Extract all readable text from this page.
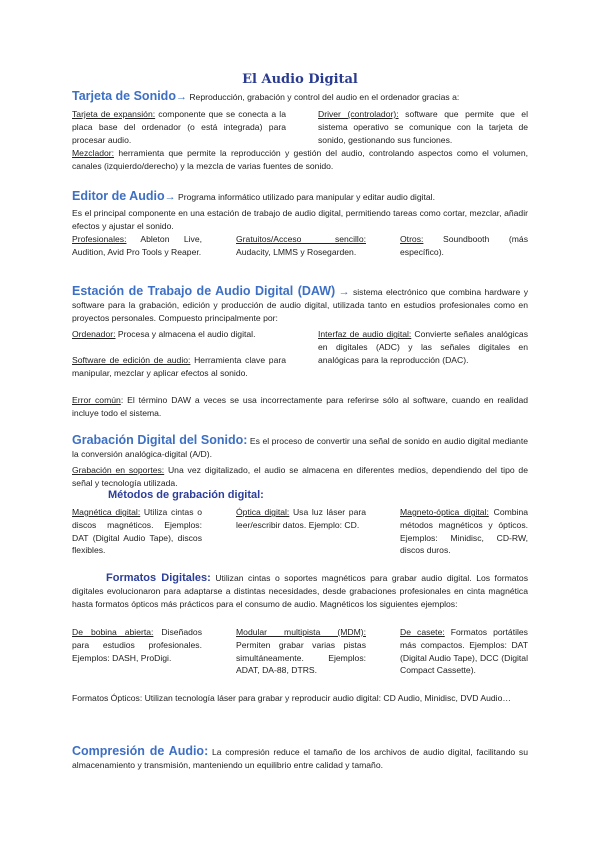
El Audio Digital
Tarjeta de Sonido→ Reproducción, grabación y control del audio en el ordenador gracias a:
Tarjeta de expansión: componente que se conecta a la placa base del ordenador (o está integrada) para procesar audio.
Driver (controlador): software que permite que el sistema operativo se comunique con la tarjeta de sonido, gestionando sus funciones.
Mezclador: herramienta que permite la reproducción y gestión del audio, controlando aspectos como el volumen, canales (izquierdo/derecho) y la mezcla de varias fuentes de sonido.
Editor de Audio→ Programa informático utilizado para manipular y editar audio digital.
Es el principal componente en una estación de trabajo de audio digital, permitiendo tareas como cortar, mezclar, añadir efectos y ajustar el sonido.
Profesionales: Ableton Live, Audition, Avid Pro Tools y Reaper.
Gratuitos/Acceso sencillo: Audacity, LMMS y Rosegarden.
Otros: Soundbooth (más específico).
Estación de Trabajo de Audio Digital (DAW) → sistema electrónico que combina hardware y software para la grabación, edición y producción de audio digital, utilizada tanto en estudios profesionales como en proyectos personales. Compuesto principalmente por:
Ordenador: Procesa y almacena el audio digital.
Software de edición de audio: Herramienta clave para manipular, mezclar y aplicar efectos al sonido.
Interfaz de audio digital: Convierte señales analógicas en digitales (ADC) y las señales digitales en analógicas para la reproducción (DAC).
Error común: El término DAW a veces se usa incorrectamente para referirse sólo al software, cuando en realidad incluye todo el sistema.
Grabación Digital del Sonido: Es el proceso de convertir una señal de sonido en audio digital mediante la conversión analógica-digital (A/D).
Grabación en soportes: Una vez digitalizado, el audio se almacena en diferentes medios, dependiendo del tipo de señal y tecnología utilizada.
Métodos de grabación digital:
Magnética digital: Utiliza cintas o discos magnéticos. Ejemplos: DAT (Digital Audio Tape), discos flexibles.
Óptica digital: Usa luz láser para leer/escribir datos. Ejemplo: CD.
Magneto-óptica digital: Combina métodos magnéticos y ópticos. Ejemplos: Minidisc, CD-RW, discos duros.
Formatos Digitales: Utilizan cintas o soportes magnéticos para grabar audio digital. Los formatos digitales evolucionaron para adaptarse a distintas necesidades, desde grabaciones profesionales en cinta magnética hasta formatos ópticos más prácticos para el consumo de audio. Magnéticos los siguientes ejemplos:
De bobina abierta: Diseñados para estudios profesionales. Ejemplos: DASH, ProDigi.
Modular multipista (MDM): Permiten grabar varias pistas simultáneamente. Ejemplos: ADAT, DA-88, DTRS.
De casete: Formatos portátiles más compactos. Ejemplos: DAT (Digital Audio Tape), DCC (Digital Compact Cassette).
Formatos Ópticos: Utilizan tecnología láser para grabar y reproducir audio digital: CD Audio, Minidisc, DVD Audio…
Compresión de Audio: La compresión reduce el tamaño de los archivos de audio digital, facilitando su almacenamiento y transmisión, manteniendo un equilibrio entre calidad y tamaño.
